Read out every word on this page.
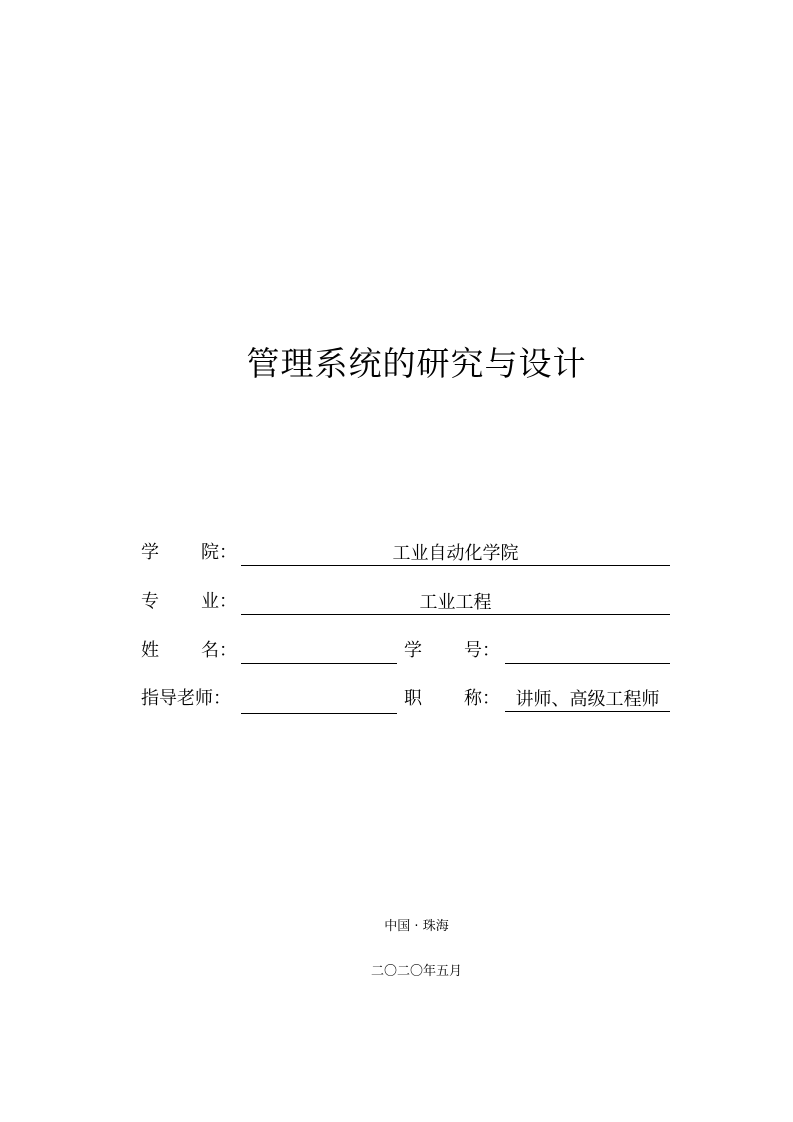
管理系统的研究与设计
学 院：	工业自动化学院
专 业：	工业工程
姓 名：	学 号：
指导老师：	职 称： 讲师、高级工程师
中国 · 珠海
二〇二〇年五月
